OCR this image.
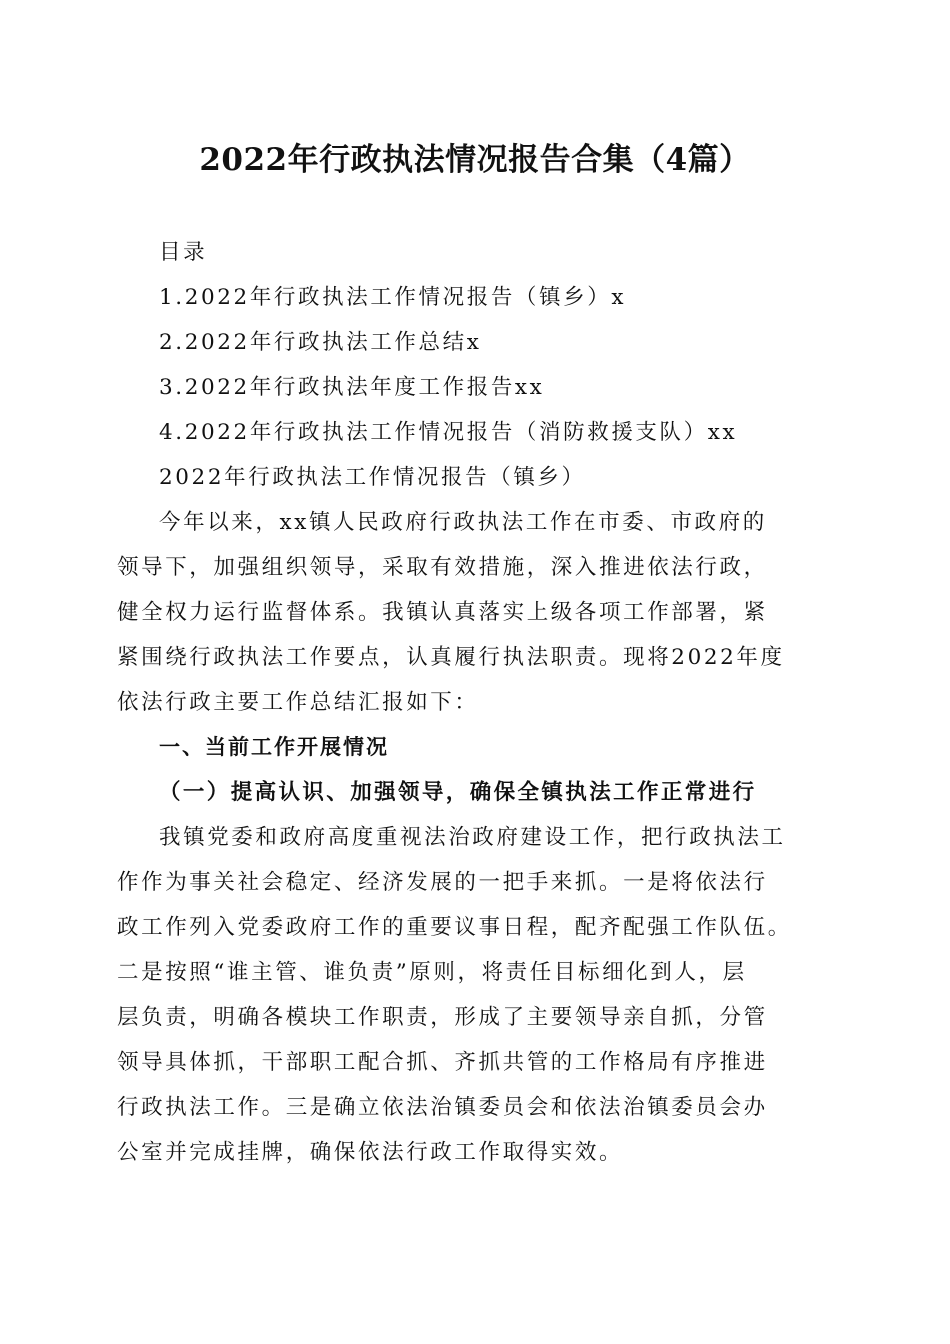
2022年行政执法情况报告合集（4篇）
目录
1.2022年行政执法工作情况报告（镇乡）x
2.2022年行政执法工作总结x
3.2022年行政执法年度工作报告xx
4.2022年行政执法工作情况报告（消防救援支队）xx
2022年行政执法工作情况报告（镇乡）
今年以来，xx镇人民政府行政执法工作在市委、市政府的
领导下，加强组织领导，采取有效措施，深入推进依法行政，
健全权力运行监督体系。我镇认真落实上级各项工作部署，紧
紧围绕行政执法工作要点，认真履行执法职责。现将2022年度
依法行政主要工作总结汇报如下：
一、当前工作开展情况
（一）提高认识、加强领导，确保全镇执法工作正常进行
我镇党委和政府高度重视法治政府建设工作，把行政执法工
作作为事关社会稳定、经济发展的一把手来抓。一是将依法行
政工作列入党委政府工作的重要议事日程，配齐配强工作队伍。
二是按照“谁主管、谁负责”原则，将责任目标细化到人，层
层负责，明确各模块工作职责，形成了主要领导亲自抓，分管
领导具体抓，干部职工配合抓、齐抓共管的工作格局有序推进
行政执法工作。三是确立依法治镇委员会和依法治镇委员会办
公室并完成挂牌，确保依法行政工作取得实效。
